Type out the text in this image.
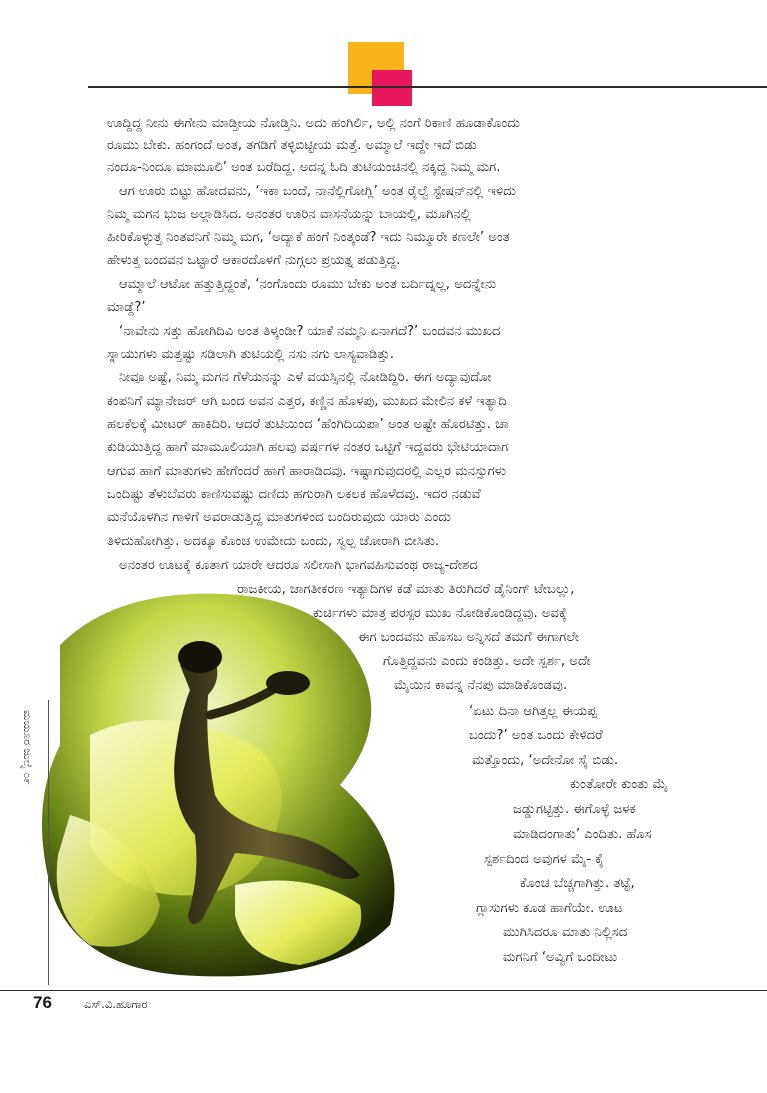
ಊದ್ದಿದ್ದ ನೀನು ಈಗೇನು ಮಾಡ್ತೀಯ ನೋಡ್ತಿನಿ. ಅದು ಹಂಗಿರ್ಲಿ, ಅಲ್ಲಿ ನಂಗೆ ರಿಕಾಣಿ ಹೂಡಾಕೊಂದು
ರೂಮು ಬೇಕು. ಹಂಗಂದೆ ಅಂತ, ತಗಡಿಗೆ ತಳ್ಳಿಬಿಟ್ಟೀಯ ಮತ್ತೆ. ಅಮ್ಮಾಲೆ ಇದ್ದೇ ಇದೆ ಬಿಡು
ನಂದೂ-ನಿಂದೂ ಮಾಮೂಲಿ’ ಅಂತ ಬರೆದಿದ್ದ. ಅದನ್ನ ಓದಿ ತುಟಿಯಂಚಿನಲ್ಲಿ ನಕ್ಕಿದ್ದ ನಿಮ್ಮ ಮಗ.
ಆಗ ಊರು ಬಿಟ್ಟು ಹೋದವನು, ‘ಇಕಾ ಬಂದೆ, ನಾನೆಲ್ಲಿಗೋಗ್ಲಿ’ ಅಂತ ರೈಲ್ವೆ ಸ್ಟೇಷನ್‌ನಲ್ಲಿ ಇಳಿದು
ನಿಮ್ಮ ಮಗನ ಭುಜ ಅಲ್ಲಾಡಿಸಿದ. ಅನಂತರ ಊರಿನ ವಾಸನೆಯನ್ನು ಬಾಯಲ್ಲಿ, ಮೂಗಿನಲ್ಲಿ
ಹೀರಿಕೊಳ್ಳುತ್ತ ನಿಂತವನಿಗೆ ನಿಮ್ಮ ಮಗ, ‘ಅದ್ಯಾಕೆ ಹಂಗೆ ನಿಂತ್ಕಂಡೆ? ಇದು ನಿಮ್ಮೂರೇ ಕಣಲೇ’ ಅಂತ
ಹೇಳುತ್ತ ಬಂದವನ ಒಟ್ಟಾರೆ ಆಕಾರದೊಳಗೆ ನುಗ್ಗಲು ಪ್ರಯತ್ನ ಪಡುತ್ತಿದ್ದ.
ಆಮ್ಮಾಲೆ ಆಟೋ ಹತ್ತುತ್ತಿದ್ದಂತೆ, ‘ನಂಗೊಂದು ರೂಮು ಬೇಕು ಅಂತ ಬರ್ದಿದ್ನಲ್ಲ, ಅದನ್ನೇನು
ಮಾಡ್ದೆ?’
‘ನಾವೇನು ಸತ್ತು ಹೋಗಿದಿವಿ ಅಂತ ತಿಳ್ಕಂಡೀ? ಯಾಕೆ ನಮ್ಮನಿ ಏನಾಗದೆ?’ ಬಂದವನ ಮುಖದ
ಸ್ನಾಯುಗಳು ಮತ್ತಷ್ಟು ಸಡಿಲಾಗಿ ತುಟಿಯಲ್ಲಿ ನಸು ನಗು ಲಾಸ್ಯವಾಡಿತ್ತು.
ನೀವೂ ಅಷ್ಟೆ, ನಿಮ್ಮ ಮಗನ ಗೆಳೆಯನನ್ನು ಎಳೆ ವಯಸ್ಸಿನಲ್ಲಿ ನೋಡಿದ್ದಿರಿ. ಈಗ ಅದ್ಯಾವುದೋ
ಕಂಪನಿಗೆ ಮ್ಯಾನೇಜರ್ ಆಗಿ ಬಂದ ಅವನ ಎತ್ತರ, ಕಣ್ಣಿನ ಹೊಳಪು, ಮುಖದ ಮೇಲಿನ ಕಳೆ ಇತ್ಯಾದಿ
ಹಲಕೆಲಕ್ಕೆ ಮೀಟರ್ ಹಾಕಿದಿರಿ. ಆದರೆ ತುಟಿಯಿಂದ ‘ಹೆಂಗಿದಿಯಪಾ’ ಅಂತ ಅಷ್ಟೇ ಹೊರಟಿತ್ತು. ಚಾ
ಕುಡಿಯುತ್ತಿದ್ದ ಹಾಗೆ ಮಾಮೂಲಿಯಾಗಿ ಹಲವು ವರ್ಷಗಳ ನಂತರ ಒಟ್ಟಿಗೆ ಇದ್ದವರು ಭೇಟಿಯಾದಾಗ
ಆಗುವ ಹಾಗೆ ಮಾತುಗಳು ಹೇಗೆಂದರೆ ಹಾಗೆ ಹಾರಾಡಿದವು. ಇಷ್ಟಾಗುವುದರಲ್ಲಿ ಎಲ್ಲರ ಮನಸ್ಸುಗಳು
ಒಂದಿಷ್ಟು ತೆಳುಬೆವರು ಕಾಣಿಸುವಷ್ಟು ದಣಿದು ಹಗುರಾಗಿ ಲಕಲಕ ಹೊಳೆದವು. ಇದರ ನಡುವೆ
ಮನೆಯೊಳಗಿನ ಗಾಳಿಗೆ ಅವರಾಡುತ್ತಿದ್ದ ಮಾತುಗಳಿಂದ ಬಂದಿರುವುದು ಯಾರು ಎಂದು
ತಿಳಿದುಹೋಗಿತ್ತು. ಅದಕ್ಕೂ ಕೊಂಚ ಉಮೇದು ಬಂದು, ಸ್ವಲ್ಪ ಜೋರಾಗಿ ಬೀಸಿತು.
ಅನಂತರ ಊಟಕ್ಕೆ ಕೂತಾಗ ಯಾರೇ ಆದರೂ ಸಲೀಸಾಗಿ ಭಾಗವಹಿಸುವಂಥ ರಾಜ್ಯ-ದೇಶದ
ರಾಜಕೀಯ, ಜಾಗತೀಕರಣ ಇತ್ಯಾದಿಗಳ ಕಡೆ ಮಾತು ತಿರುಗಿದರೆ ಡೈನಿಂಗ್ ಟೇಬಲ್ಲು,
ಕುರ್ಚಿಗಳು ಮಾತ್ರ ಪರಸ್ಪರ ಮುಖ ನೋಡಿಕೊಂಡಿದ್ದವು. ಅವಕ್ಕೆ
ಈಗ ಬಂದವನು ಹೊಸಬ ಅನ್ನಿಸದೆ ತಮಗೆ ಈಗಾಗಲೇ
ಗೊತ್ತಿದ್ದವನು ಎಂದು ಕಂಡಿತ್ತು. ಅದೇ ಸ್ಪರ್ಶ, ಅದೇ
ಮೈಯಿನ ಕಾವನ್ನ ನೆನಪು ಮಾಡಿಕೊಂಡವು.
‘ಏಟು ದಿನಾ ಆಗಿತ್ತಲ್ಲ ಈಯಪ್ಪ
ಬಂದು?’ ಅಂತ ಒಂದು ಕೇಳಿದರೆ
ಮತ್ತೊಂದು, ‘ಅದೇನೋ ಸೈ ಬಿಡು.
ಕುಂತೋರೇ ಕುಂತು ಮೈ
ಜಡ್ಡುಗಟ್ಟಿತ್ತು. ಈಗೊಳ್ಳೆ ಜಳಕ
ಮಾಡಿದಂಗಾತು’ ಎಂದಿತು. ಹೊಸ
ಸ್ಪರ್ಶದಿಂದ ಅವುಗಳ ಮೈ- ಕೈ
ಕೊಂಚ ಬೆಚ್ಚಗಾಗಿತ್ತು. ತಟ್ಟೆ,
ಗ್ಲಾಸುಗಳು ಕೂಡ ಹಾಗೆಯೇ. ಊಟ
ಮುಗಿಸಿದರೂ ಮಾತು ನಿಲ್ಲಿಸದ
ಮಗನಿಗೆ ‘ಅವ್ವಿಗೆ ಒಂದೀಟು
ಮಯೂರ ಜುಲೈ ೦೯
76	ಎಸ್.ವಿ.ಹೂಗಾರ
